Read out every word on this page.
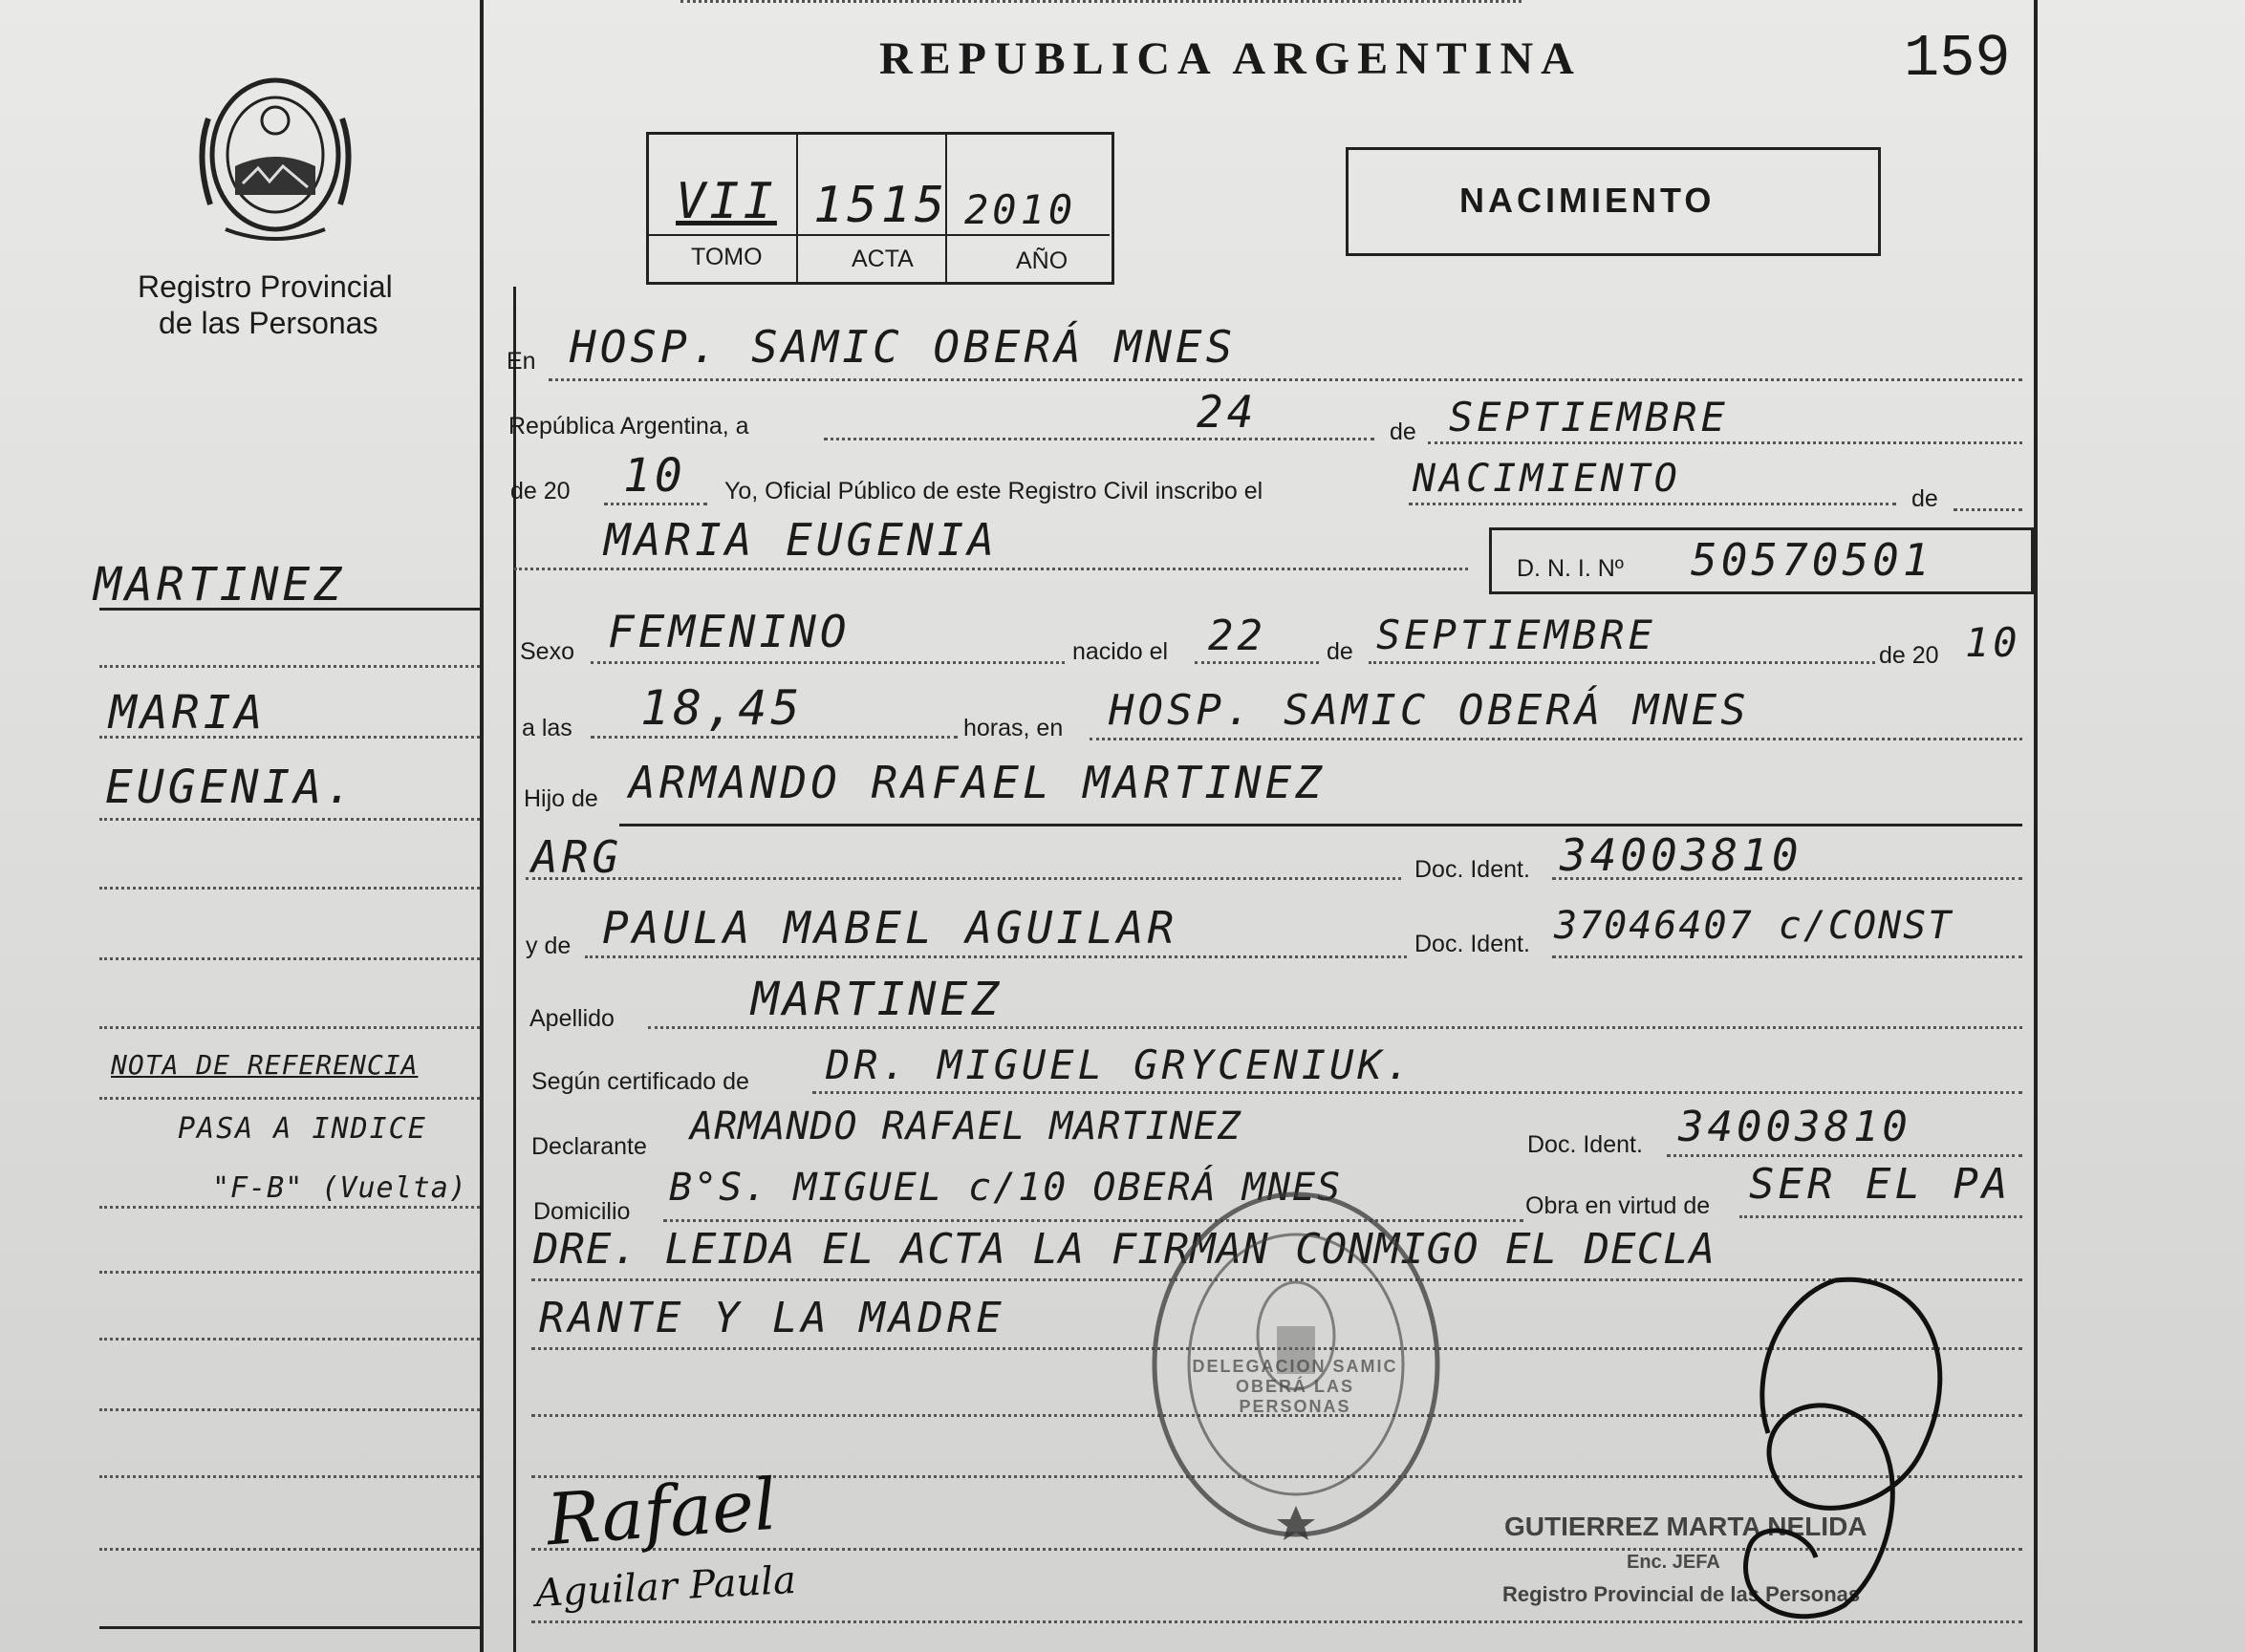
REPUBLICA ARGENTINA	159
VII 1515 2010
TOMO	ACTA	AÑO
NACIMIENTO
Registro Provincial
de las Personas
MARTINEZ
MARIA
EUGENIA.
NOTA DE REFERENCIA
PASA A INDICE
"F-B" (Vuelta)
En HOSP. SAMIC OBERÁ MNES
República Argentina, a	24	de SEPTIEMBRE
de 20 10 Yo, Oficial Público de este Registro Civil inscribo el	NACIMIENTO	de
MARIA EUGENIA
D. N. I. Nº 50570501
Sexo FEMENINO	nacido el 22	de SEPTIEMBRE	de 20 10
a las 18,45	horas, en HOSP. SAMIC OBERÁ MNES
Hijo de ARMANDO RAFAEL MARTINEZ
ARG	Doc. Ident. 34003810
y de PAULA MABEL AGUILAR	Doc. Ident. 37046407 c/CONST
Apellido	MARTINEZ
Según certificado de DR. MIGUEL GRYCENIUK.
Declarante ARMANDO RAFAEL MARTINEZ	Doc. Ident. 34003810
Domicilio
B°S. MIGUEL c/10 OBERÁ MNES	Obra en virtud de SER EL PA
DRE. LEIDA EL ACTA LA FIRMAN CONMIGO EL DECLA
RANTE Y LA MADRE
DELEGACION SAMIC OBERÁ LAS PERSONAS
GUTIERREZ MARTA NELIDA
Enc. JEFA
Registro Provincial de las Personas
Rafael
Aguilar Paula
